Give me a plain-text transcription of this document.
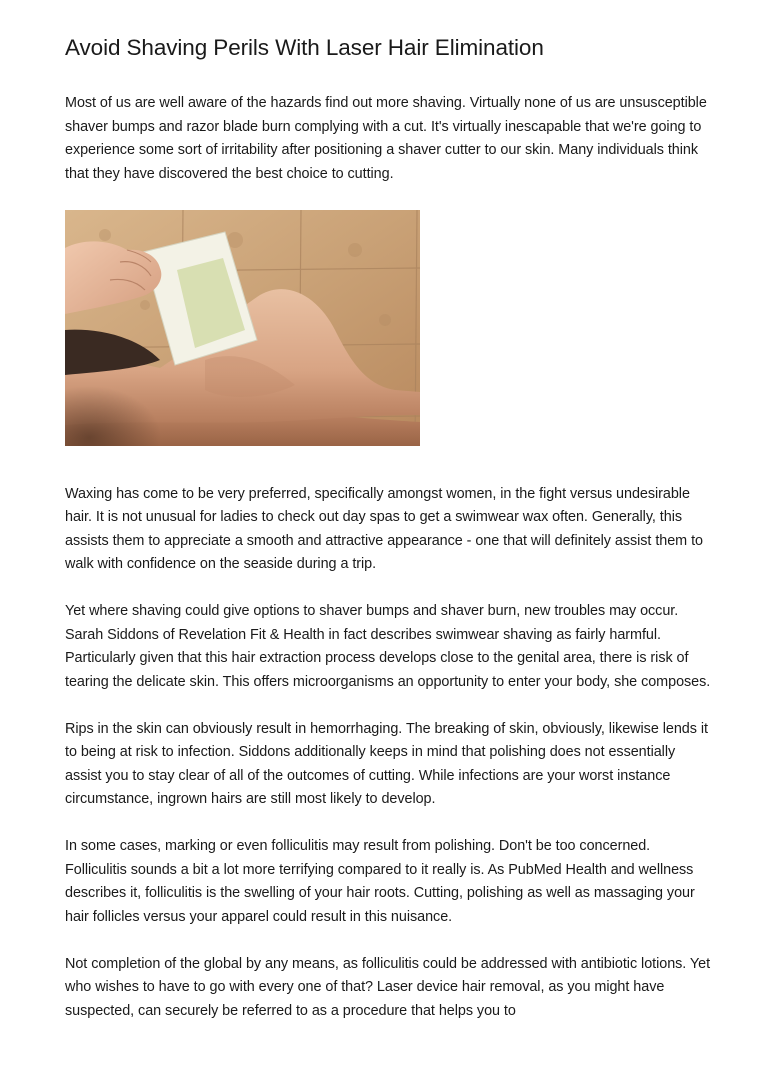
Avoid Shaving Perils With Laser Hair Elimination

Most of us are well aware of the hazards find out more shaving. Virtually none of us are unsusceptible shaver bumps and razor blade burn complying with a cut. It's virtually inescapable that we're going to experience some sort of irritability after positioning a shaver cutter to our skin. Many individuals think that they have discovered the best choice to cutting.

Waxing has come to be very preferred, specifically amongst women, in the fight versus undesirable hair. It is not unusual for ladies to check out day spas to get a swimwear wax often. Generally, this assists them to appreciate a smooth and attractive appearance - one that will definitely assist them to walk with confidence on the seaside during a trip.

Yet where shaving could give options to shaver bumps and shaver burn, new troubles may occur. Sarah Siddons of Revelation Fit & Health in fact describes swimwear shaving as fairly harmful. Particularly given that this hair extraction process develops close to the genital area, there is risk of tearing the delicate skin. This offers microorganisms an opportunity to enter your body, she composes.

Rips in the skin can obviously result in hemorrhaging. The breaking of skin, obviously, likewise lends it to being at risk to infection. Siddons additionally keeps in mind that polishing does not essentially assist you to stay clear of all of the outcomes of cutting. While infections are your worst instance circumstance, ingrown hairs are still most likely to develop.

In some cases, marking or even folliculitis may result from polishing. Don't be too concerned. Folliculitis sounds a bit a lot more terrifying compared to it really is. As PubMed Health and wellness describes it, folliculitis is the swelling of your hair roots. Cutting, polishing as well as massaging your hair follicles versus your apparel could result in this nuisance.

Not completion of the global by any means, as folliculitis could be addressed with antibiotic lotions. Yet who wishes to have to go with every one of that? Laser device hair removal, as you might have suspected, can securely be referred to as a procedure that helps you to
